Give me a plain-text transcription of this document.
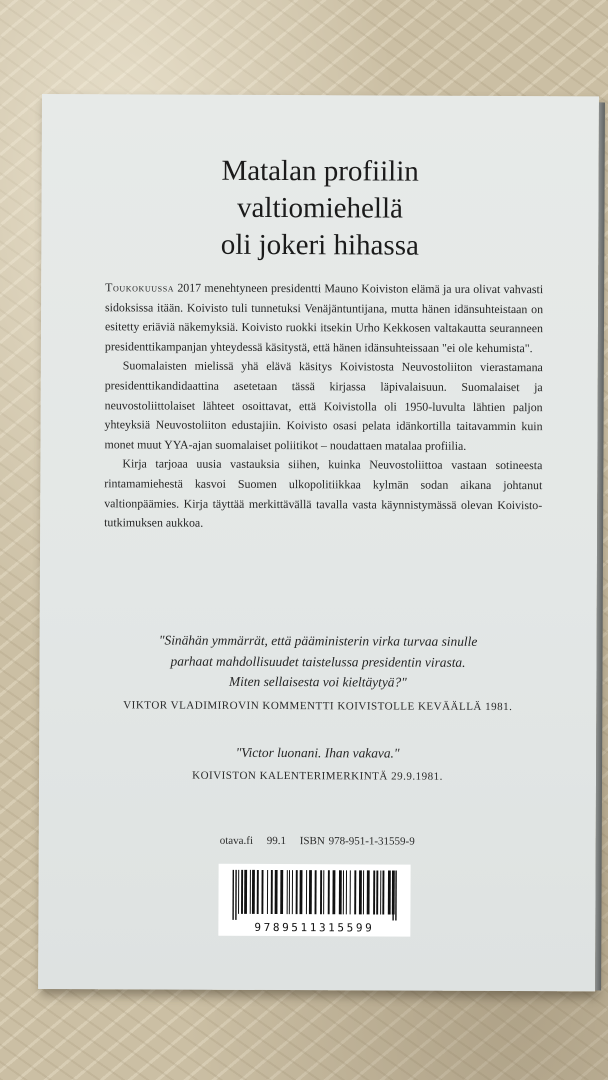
Matalan profiilin
valtiomiehellä
oli jokeri hihassa

Toukokuussa 2017 menehtyneen presidentti Mauno Koiviston elämä ja ura olivat vahvasti sidoksissa itään. Koivisto tuli tunnetuksi Venäjäntuntijana, mutta hänen idänsuhteistaan on esitetty eriäviä näkemyksiä. Koivisto ruokki itsekin Urho Kekkosen valtakautta seuranneen presidenttikampanjan yhteydessä käsitystä, että hänen idänsuhteissaan "ei ole kehumista".

Suomalaisten mielissä yhä elävä käsitys Koivistosta Neuvostoliiton vierastamana presidenttikandidaattina asetetaan tässä kirjassa läpivalaisuun. Suomalaiset ja neuvostoliittolaiset lähteet osoittavat, että Koivistolla oli 1950-luvulta lähtien paljon yhteyksiä Neuvostoliiton edustajiin. Koivisto osasi pelata idänkortilla taitavammin kuin monet muut YYA-ajan suomalaiset poliitikot – noudattaen matalaa profiilia.

Kirja tarjoaa uusia vastauksia siihen, kuinka Neuvostoliittoa vastaan sotineesta rintamamiehestä kasvoi Suomen ulkopolitiikkaa kylmän sodan aikana johtanut valtionpäämies. Kirja täyttää merkittävällä tavalla vasta käynnistymässä olevan Koivisto-tutkimuksen aukkoa.

"Sinähän ymmärrät, että pääministerin virka turvaa sinulle
parhaat mahdollisuudet taistelussa presidentin virasta.
Miten sellaisesta voi kieltäytyä?"
VIKTOR VLADIMIROVIN KOMMENTTI KOIVISTOLLE KEVÄÄLLÄ 1981.
"Victor luonani. Ihan vakava."
KOIVISTON KALENTERIMERKINTÄ 29.9.1981.
otava.fi 99.1 ISBN 978-951-1-31559-9
9789511315599
